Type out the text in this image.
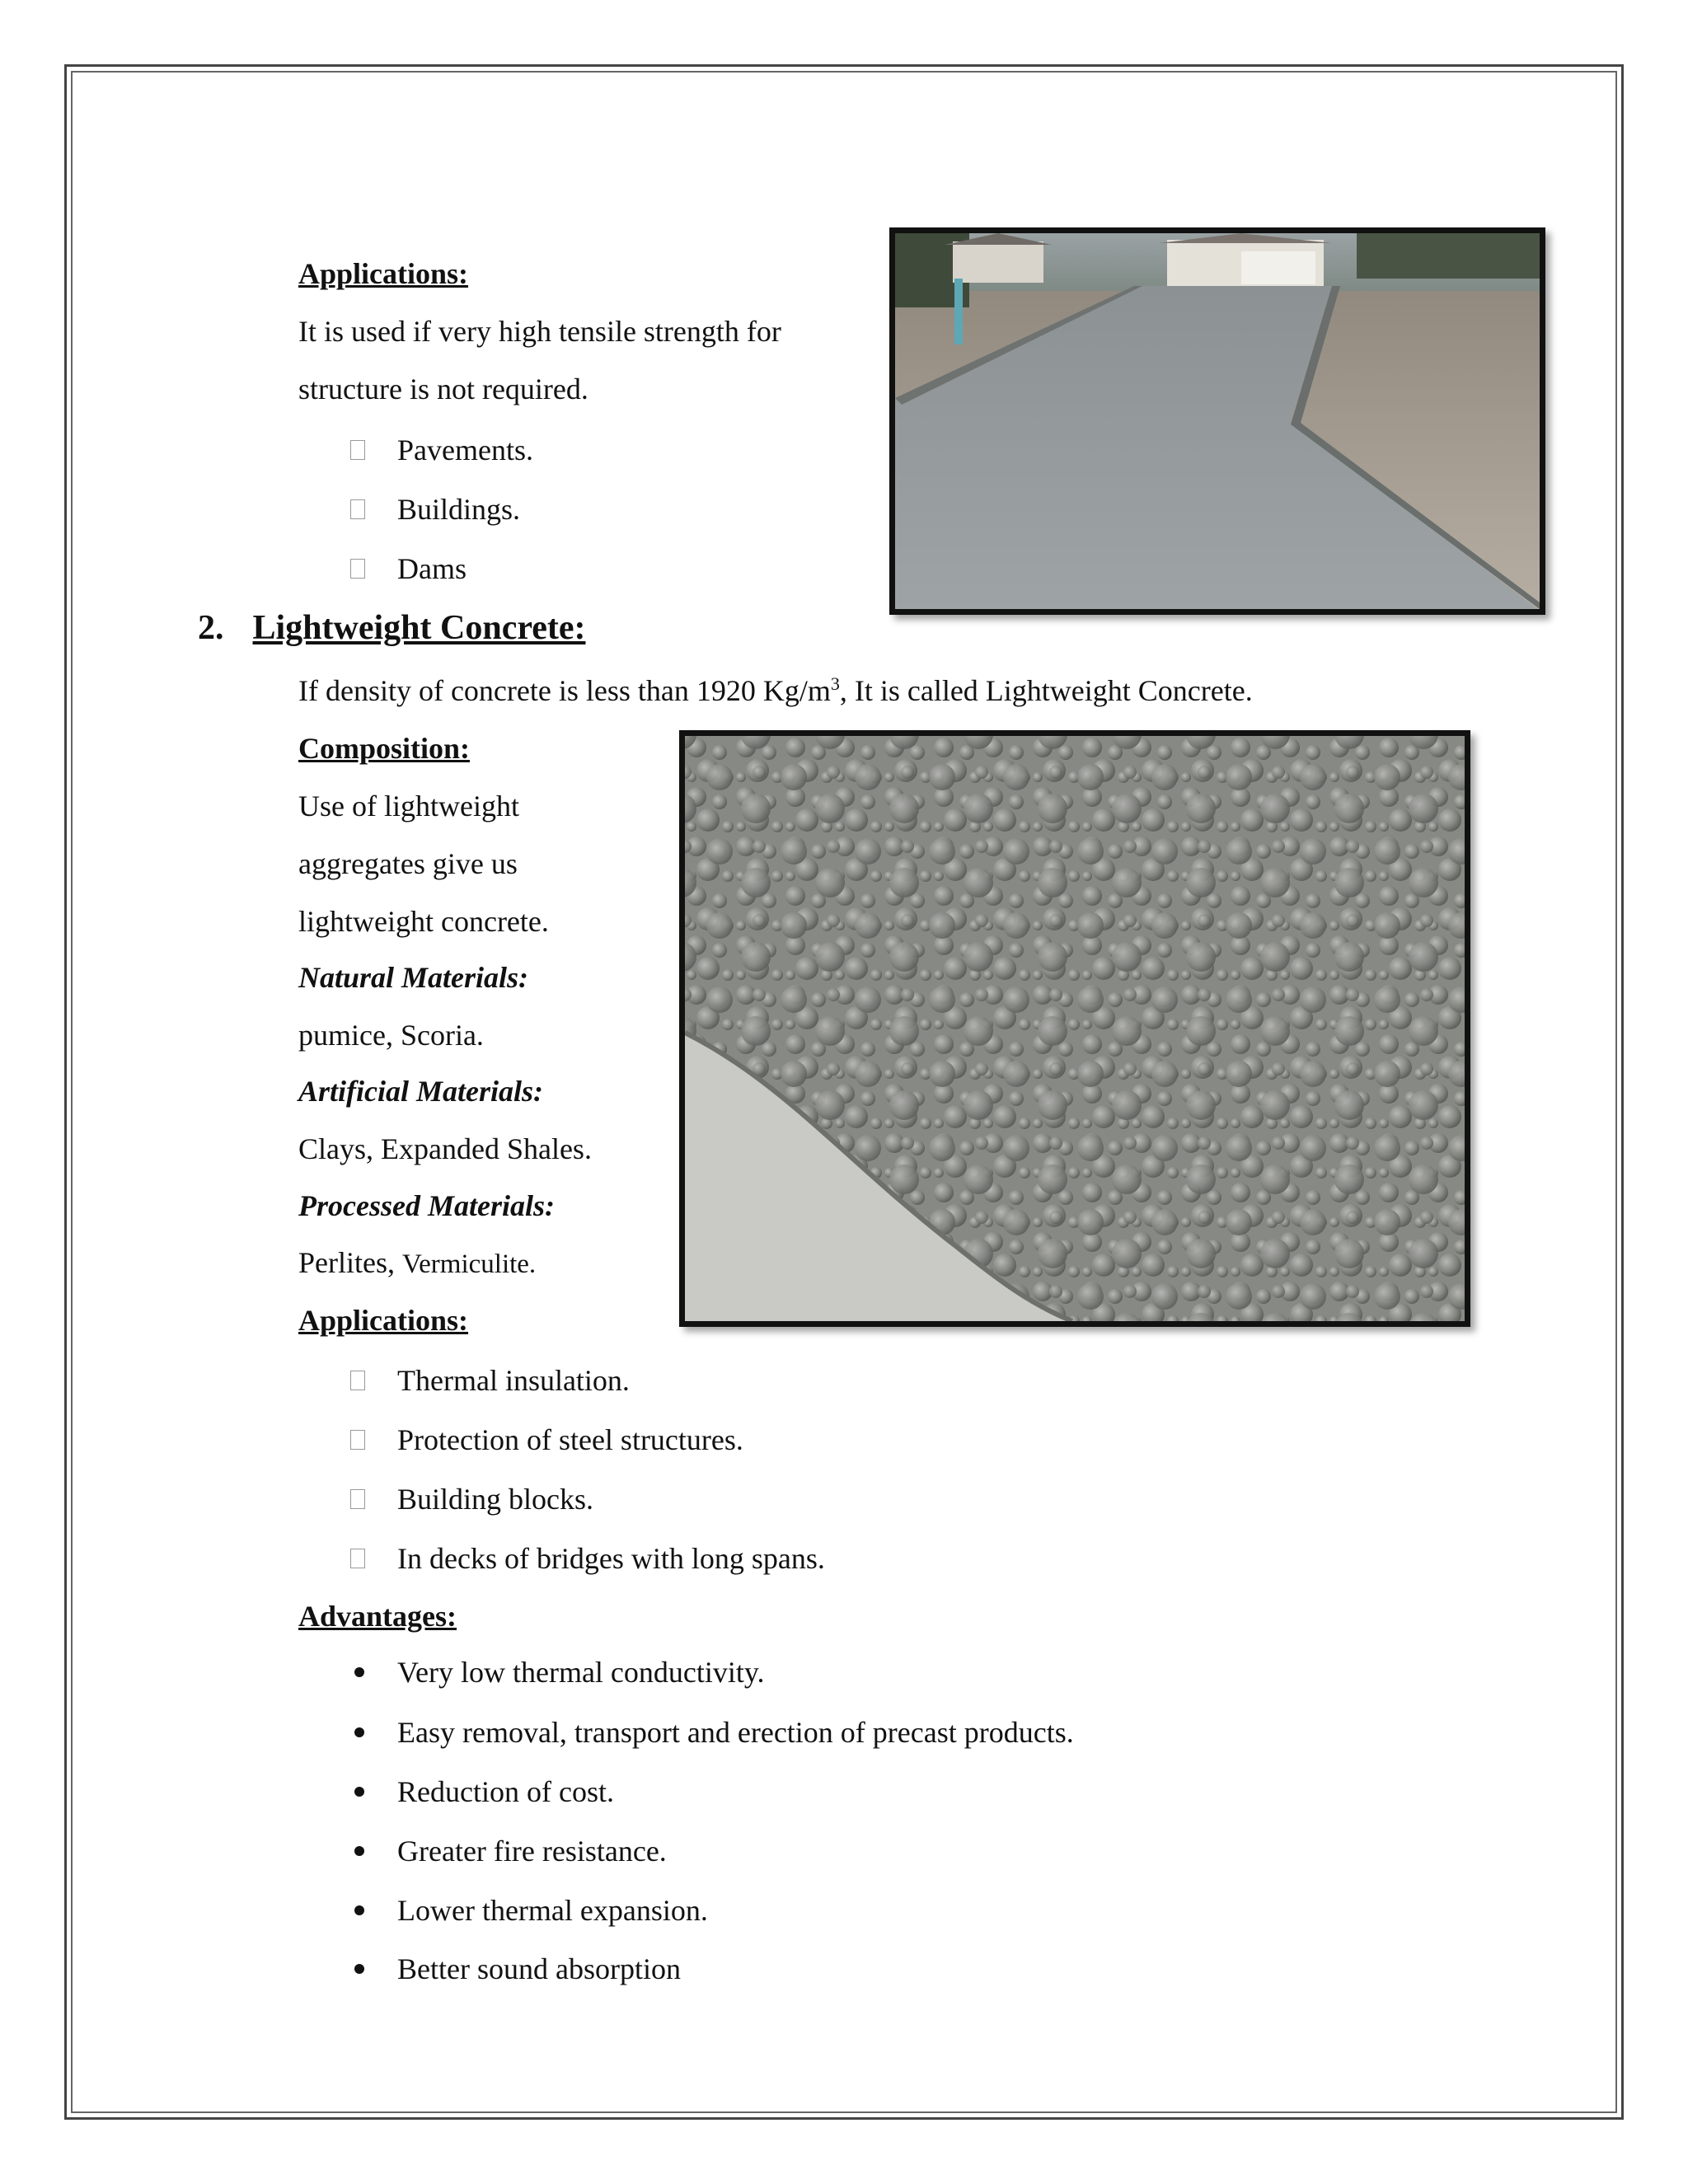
Applications:
It is used if very high tensile strength for
structure is not required.
Pavements.
Buildings.
Dams
2. Lightweight Concrete:
If density of concrete is less than 1920 $Kg/m^3$, It is called Lightweight Concrete.
Composition:
Use of lightweight
aggregates give us
lightweight concrete.
Natural Materials:
pumice, Scoria.
Artificial Materials:
Clays, Expanded Shales.
Processed Materials:
Perlites, Vermiculite.
Applications:
Thermal insulation.
Protection of steel structures.
Building blocks.
In decks of bridges with long spans.
Advantages:
Very low thermal conductivity.
Easy removal, transport and erection of precast products.
Reduction of cost.
Greater fire resistance.
Lower thermal expansion.
Better sound absorption
